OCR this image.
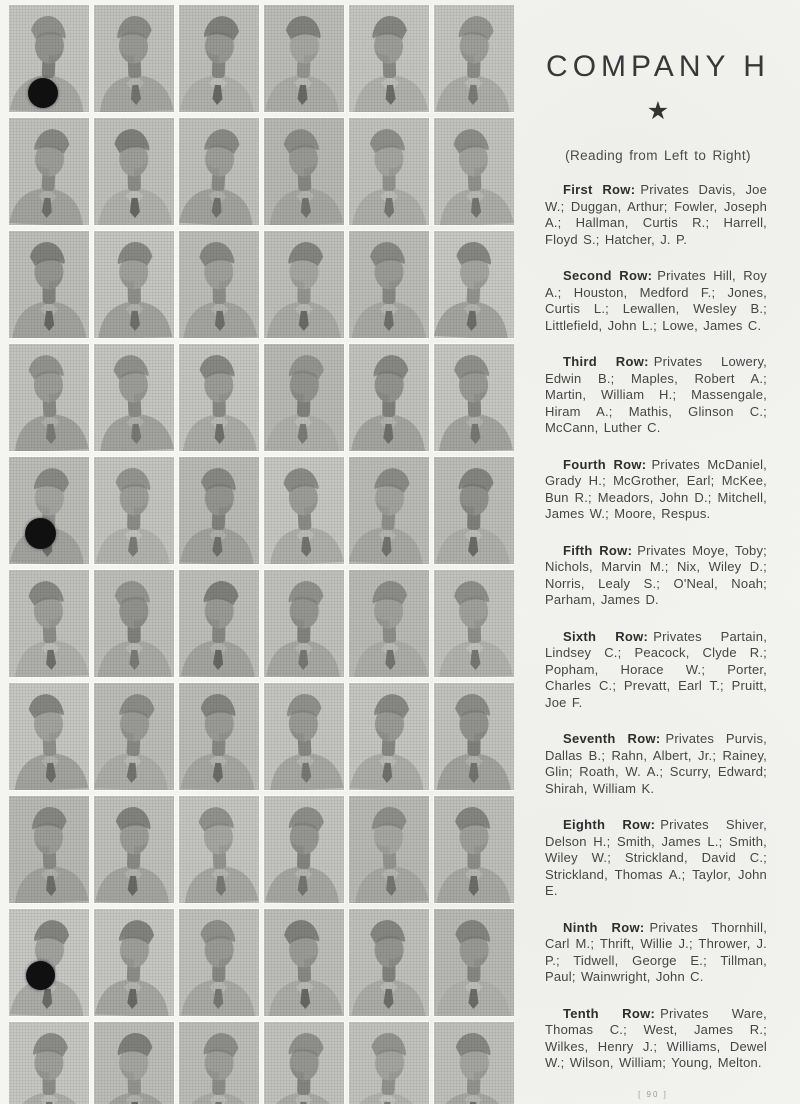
COMPANY H
★
(Reading from Left to Right)

First Row: Privates Davis, Joe W.; Duggan, Arthur; Fowler, Joseph A.; Hallman, Curtis R.; Harrell, Floyd S.; Hatcher, J. P.

Second Row: Privates Hill, Roy A.; Houston, Medford F.; Jones, Curtis L.; Lewallen, Wesley B.; Littlefield, John L.; Lowe, James C.

Third Row: Privates Lowery, Edwin B.; Maples, Robert A.; Martin, William H.; Massengale, Hiram A.; Mathis, Glinson C.; McCann, Luther C.

Fourth Row: Privates McDaniel, Grady H.; McGrother, Earl; McKee, Bun R.; Meadors, John D.; Mitchell, James W.; Moore, Respus.

Fifth Row: Privates Moye, Toby; Nichols, Marvin M.; Nix, Wiley D.; Norris, Lealy S.; O'Neal, Noah; Parham, James D.

Sixth Row: Privates Partain, Lindsey C.; Peacock, Clyde R.; Popham, Horace W.; Porter, Charles C.; Prevatt, Earl T.; Pruitt, Joe F.

Seventh Row: Privates Purvis, Dallas B.; Rahn, Albert, Jr.; Rainey, Glin; Roath, W. A.; Scurry, Edward; Shirah, William K.

Eighth Row: Privates Shiver, Delson H.; Smith, James L.; Smith, Wiley W.; Strickland, David C.; Strickland, Thomas A.; Taylor, John E.

Ninth Row: Privates Thornhill, Carl M.; Thrift, Willie J.; Thrower, J. P.; Tidwell, George E.; Tillman, Paul; Wainwright, John C.

Tenth Row: Privates Ware, Thomas C.; West, James R.; Wilkes, Henry J.; Williams, Dewel W.; Wilson, William; Young, Melton.

[ 90 ]
